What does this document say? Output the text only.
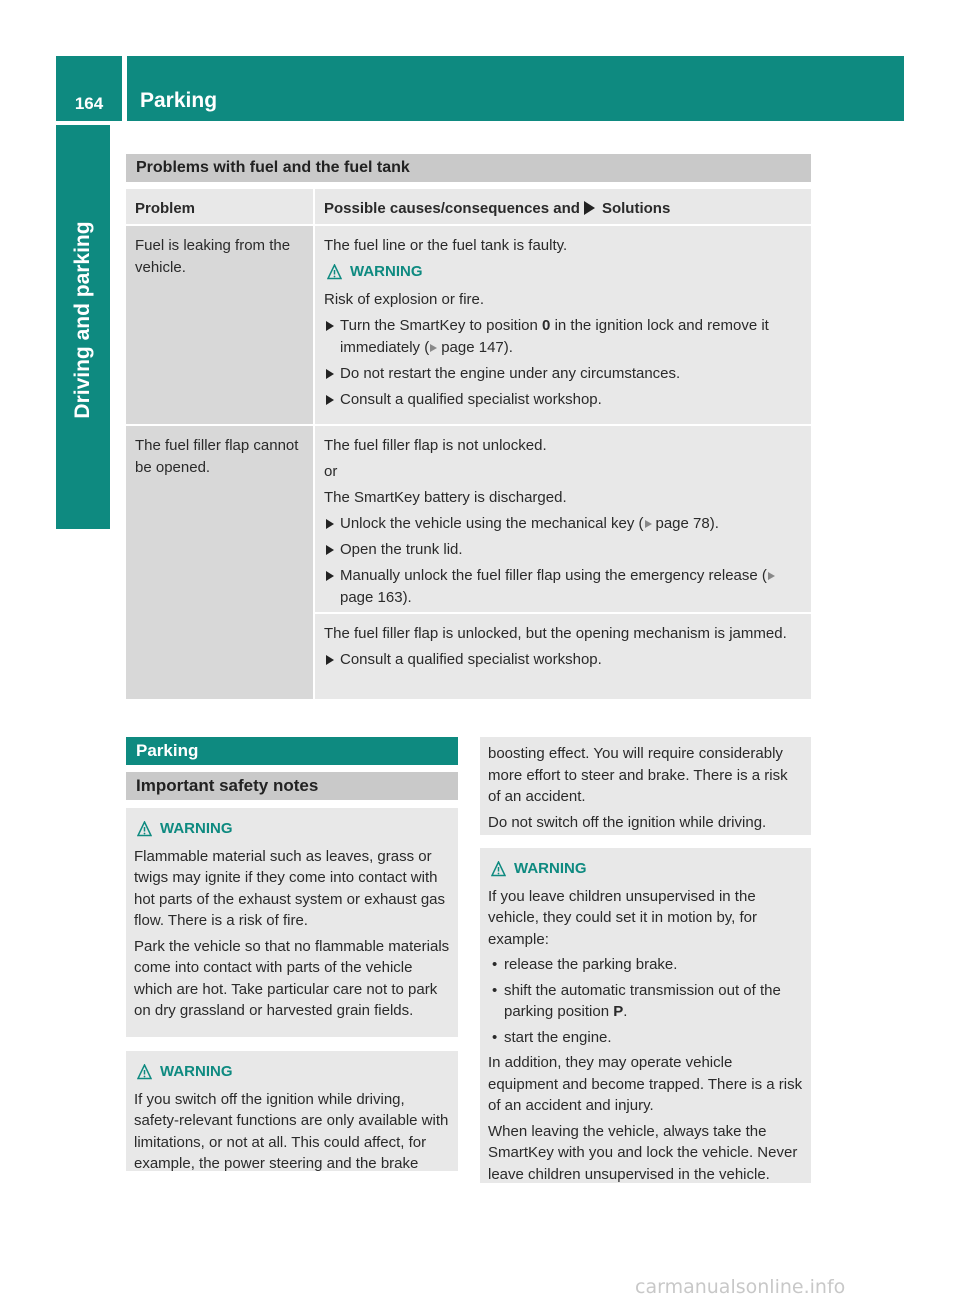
164	Parking
Driving and parking
Problems with fuel and the fuel tank
Problem	Possible causes/consequences and Solutions
Fuel is leaking from the vehicle.

The fuel line or the fuel tank is faulty.

WARNING

Risk of explosion or fire.

Turn the SmartKey to position 0 in the ignition lock and remove it immediately ( page 147).
Do not restart the engine under any circumstances.
Consult a qualified specialist workshop.
The fuel filler flap cannot be opened.

The fuel filler flap is not unlocked.

or

The SmartKey battery is discharged.

Unlock the vehicle using the mechanical key ( page 78).
Open the trunk lid.
Manually unlock the fuel filler flap using the emergency release (page 163).

The fuel filler flap is unlocked, but the opening mechanism is jammed.

Consult a qualified specialist workshop.
Parking
Important safety notes
WARNING

Flammable material such as leaves, grass or twigs may ignite if they come into contact with hot parts of the exhaust system or exhaust gas flow. There is a risk of fire.

Park the vehicle so that no flammable materials come into contact with parts of the vehicle which are hot. Take particular care not to park on dry grassland or harvested grain fields.

WARNING

If you switch off the ignition while driving, safety-relevant functions are only available with limitations, or not at all. This could affect, for example, the power steering and the brake

boosting effect. You will require considerably more effort to steer and brake. There is a risk of an accident.

Do not switch off the ignition while driving.

WARNING

If you leave children unsupervised in the vehicle, they could set it in motion by, for example:

• release the parking brake.
• shift the automatic transmission out of the parking position P.
• start the engine.

In addition, they may operate vehicle equipment and become trapped. There is a risk of an accident and injury.

When leaving the vehicle, always take the SmartKey with you and lock the vehicle. Never leave children unsupervised in the vehicle.

carmanualsonline.info
